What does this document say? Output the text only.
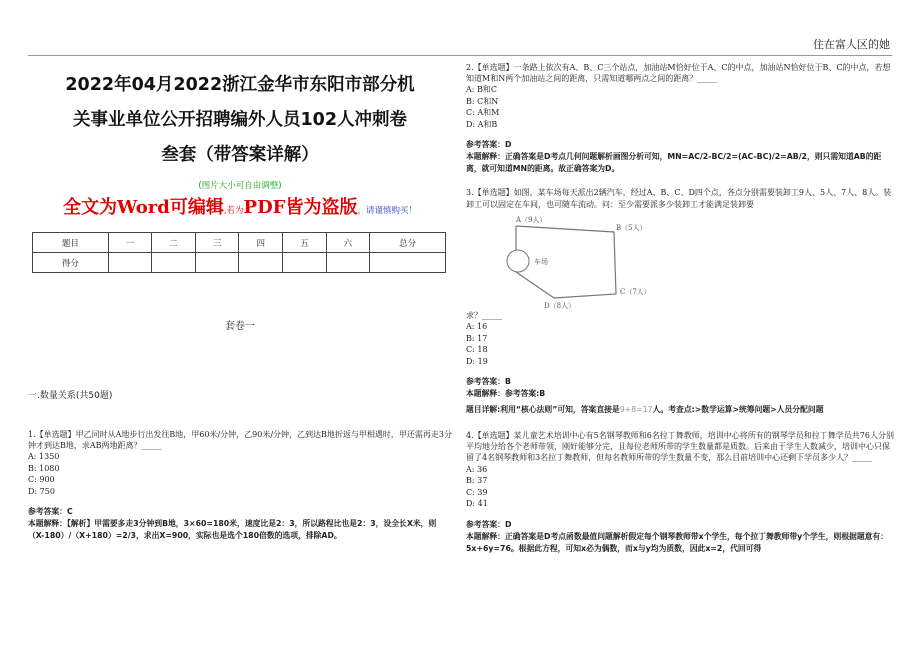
住在富人区的她
2022年04月2022浙江金华市东阳市部分机
关事业单位公开招聘编外人员102人冲刺卷
叁套（带答案详解）
(图片大小可自由调整)
全文为Word可编辑,若为PDF皆为盗版，请谨慎购买！
题目	一	二	三	四	五	六	总分
得分							
套卷一
一.数量关系(共50题)
1.【单选题】甲乙同时从A地步行出发往B地，甲60米/分钟，乙90米/分钟，乙到达B地折返与甲相遇时，甲还需再走3分钟才到达B地，求AB两地距离？_____
A: 1350
B: 1080
C: 900
D: 750
参考答案：C
本题解释：【解析】甲需要多走3分钟到B地，3×60=180米，速度比是2：3，所以路程比也是2：3，设全长X米，则（X-180）/（X+180）=2/3，求出X=900，实际也是选个180倍数的选项，排除AD。
2.【单选题】一条路上依次有A、B、C三个站点，加油站M恰好位于A、C的中点，加油站N恰好位于B、C的中点，若想知道M和N两个加油站之间的距离，只需知道哪两点之间的距离？_____
A: B和C
B: C和N
C: A和M
D: A和B
参考答案：D
本题解释：正确答案是D考点几何问题解析画图分析可知，MN=AC/2-BC/2=(AC-BC)/2=AB/2，则只需知道AB的距离，就可知道MN的距离。故正确答案为D。
3.【单选题】如图，某车场每天派出2辆汽车，经过A、B、C、D四个点，各点分别需要装卸工9人、5人、7人、8人。装卸工可以固定在车间，也可随车流动。问：至少需要派多少装卸工才能满足装卸要
A（9人）
B（5人）
C（7人）
D（8人）
车场
求？_____
A: 16
B: 17
C: 18
D: 19
参考答案：B
本题解释：参考答案:B
题目详解:利用“核心法则”可知，答案直接是9+8=17人。考查点:>数学运算>统筹问题>人员分配问题
4.【单选题】某儿童艺术培训中心有5名钢琴教师和6名拉丁舞教师，培训中心将所有的钢琴学员和拉丁舞学员共76人分别平均地分给各个老师带领，刚好能够分完，且每位老师所带的学生数量都是质数。后来由于学生人数减少，培训中心只保留了4名钢琴教师和3名拉丁舞教师，但每名教师所带的学生数量不变，那么目前培训中心还剩下学员多少人？_____
A: 36
B: 37
C: 39
D: 41
参考答案：D
本题解释：正确答案是D考点函数最值问题解析假定每个钢琴教师带x个学生，每个拉丁舞教师带y个学生，则根据题意有：5x+6y=76。根据此方程，可知x必为偶数，而x与y均为质数，因此x=2，代回可得
